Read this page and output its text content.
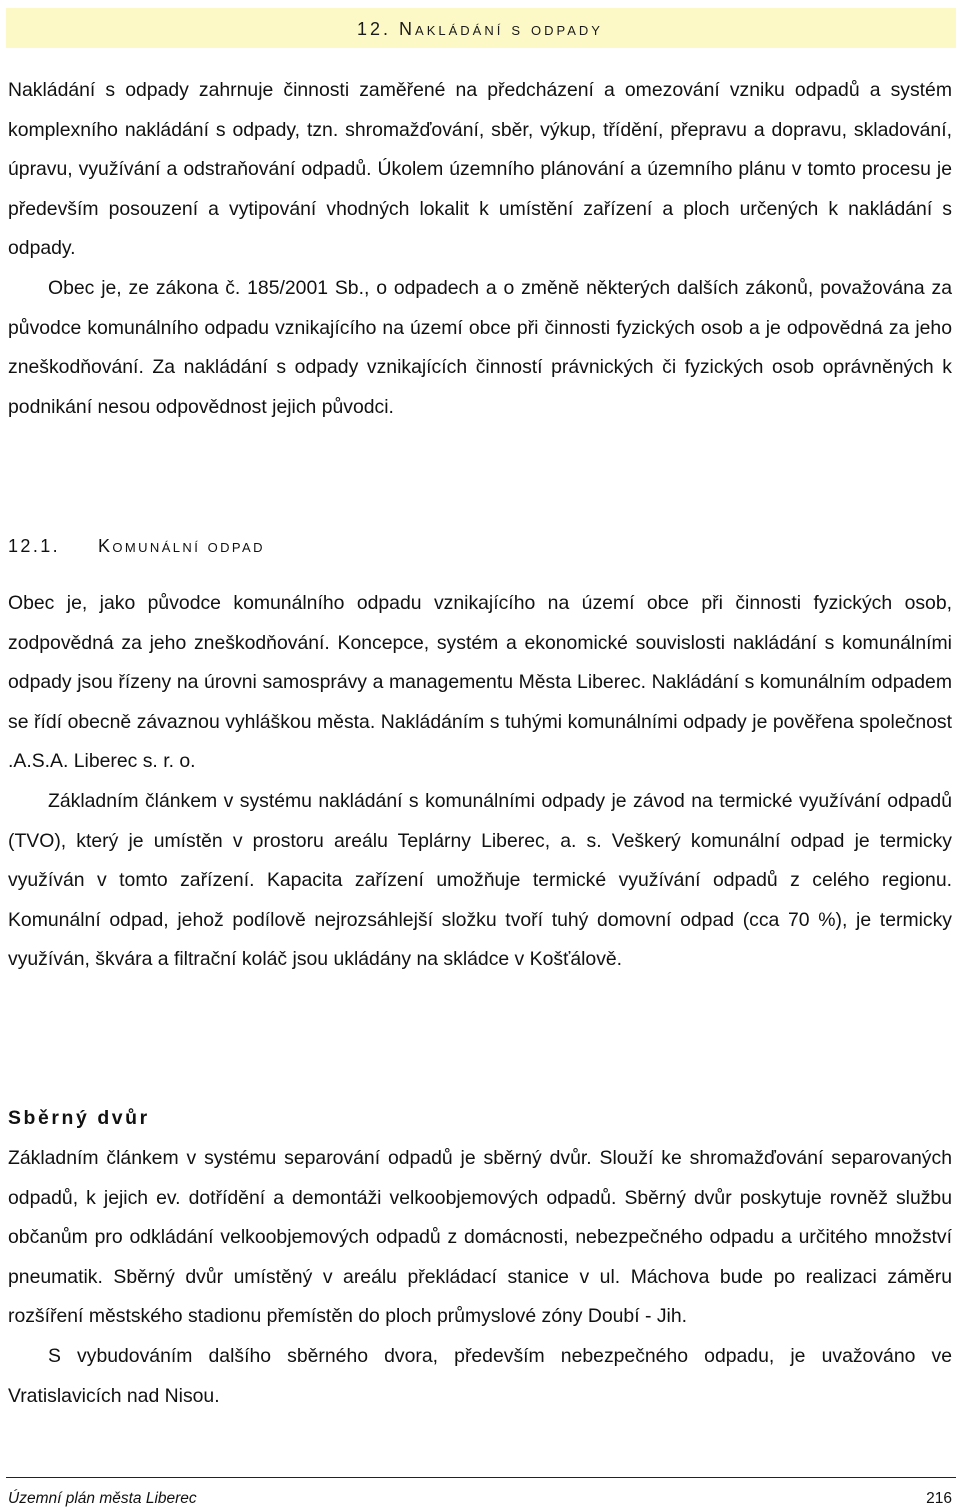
12. Nakládání s odpady

Nakládání s odpady zahrnuje činnosti zaměřené na předcházení a omezování vzniku odpadů a systém komplexního nakládání s odpady, tzn. shromažďování, sběr, výkup, třídění, přepravu a dopravu, skladování, úpravu, využívání a odstraňování odpadů. Úkolem územního plánování a územního plánu v tomto procesu je především posouzení a vytipování vhodných lokalit k umístění zařízení a ploch určených k nakládání s odpady.

Obec je, ze zákona č. 185/2001 Sb., o odpadech a o změně některých dalších zákonů, považována za původce komunálního odpadu vznikajícího na území obce při činnosti fyzických osob a je odpovědná za jeho zneškodňování. Za nakládání s odpady vznikajících činností právnických či fyzických osob oprávněných k podnikání nesou odpovědnost jejich původci.

12.1. Komunální odpad

Obec je, jako původce komunálního odpadu vznikajícího na území obce při činnosti fyzických osob, zodpovědná za jeho zneškodňování. Koncepce, systém a ekonomické souvislosti nakládání s komunálními odpady jsou řízeny na úrovni samosprávy a managementu Města Liberec. Nakládání s komunálním odpadem se řídí obecně závaznou vyhláškou města. Nakládáním s tuhými komunálními odpady je pověřena společnost .A.S.A. Liberec s. r. o.

Základním článkem v systému nakládání s komunálními odpady je závod na termické využívání odpadů (TVO), který je umístěn v prostoru areálu Teplárny Liberec, a. s. Veškerý komunální odpad je termicky využíván v tomto zařízení. Kapacita zařízení umožňuje termické využívání odpadů z celého regionu. Komunální odpad, jehož podílově nejrozsáhlejší složku tvoří tuhý domovní odpad (cca 70 %), je termicky využíván, škvára a filtrační koláč jsou ukládány na skládce v Košťálově.

Sběrný dvůr

Základním článkem v systému separování odpadů je sběrný dvůr. Slouží ke shromažďování separovaných odpadů, k jejich ev. dotřídění a demontáži velkoobjemových odpadů. Sběrný dvůr poskytuje rovněž službu občanům pro odkládání velkoobjemových odpadů z domácnosti, nebezpečného odpadu a určitého množství pneumatik. Sběrný dvůr umístěný v areálu překládací stanice v ul. Máchova bude po realizaci záměru rozšíření městského stadionu přemístěn do ploch průmyslové zóny Doubí - Jih.

S vybudováním dalšího sběrného dvora, především nebezpečného odpadu, je uvažováno ve Vratislavicích nad Nisou.

Územní plán města Liberec	216
